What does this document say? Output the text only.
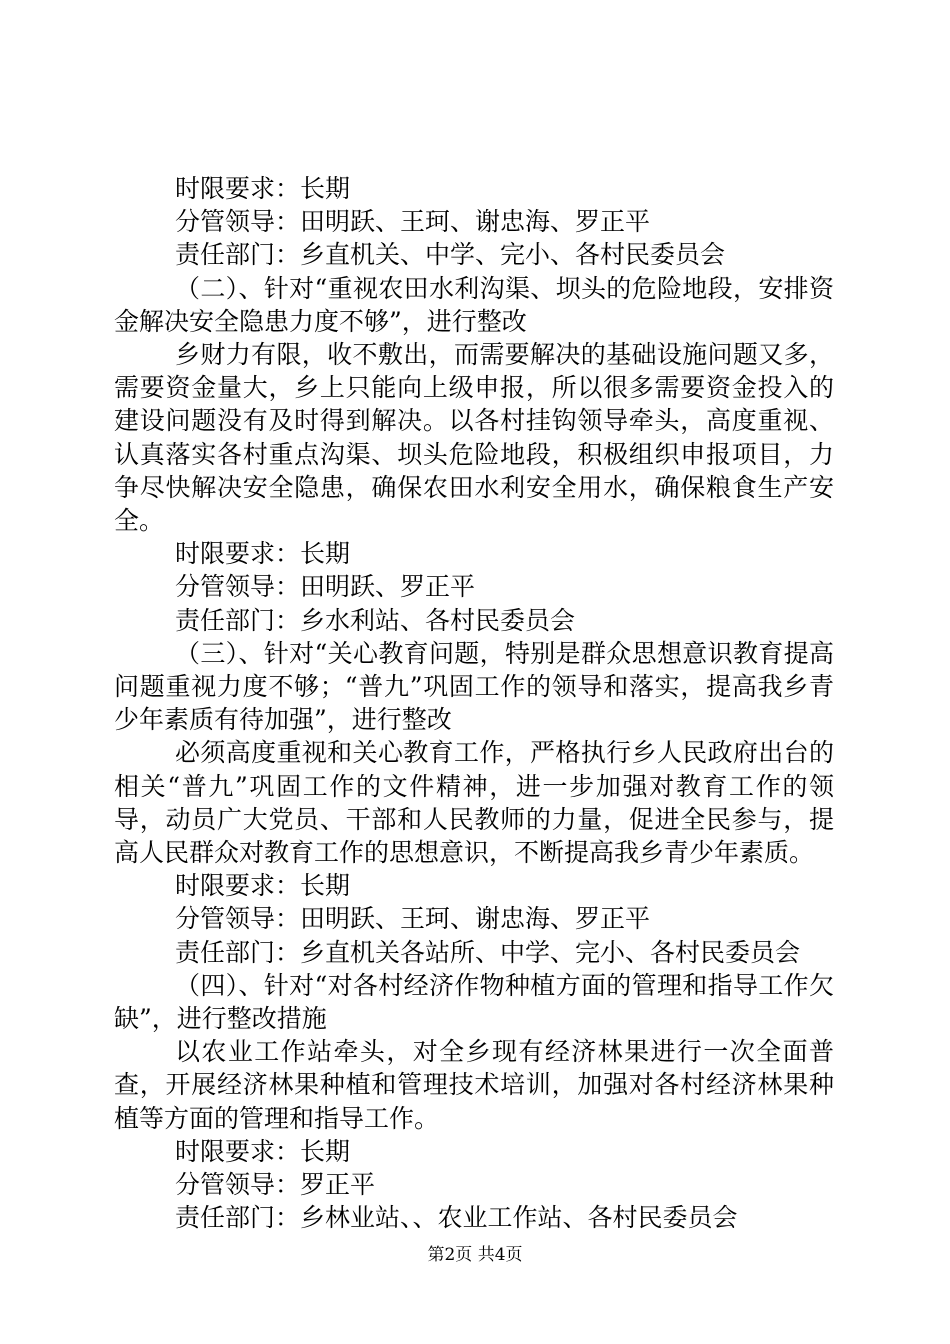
时限要求：长期

分管领导：田明跃、王珂、谢忠海、罗正平

责任部门：乡直机关、中学、完小、各村民委员会

（二）、针对“重视农田水利沟渠、坝头的危险地段，安排资金解决安全隐患力度不够”，进行整改

乡财力有限，收不敷出，而需要解决的基础设施问题又多，需要资金量大，乡上只能向上级申报，所以很多需要资金投入的建设问题没有及时得到解决。以各村挂钩领导牵头，高度重视、认真落实各村重点沟渠、坝头危险地段，积极组织申报项目，力争尽快解决安全隐患，确保农田水利安全用水，确保粮食生产安全。

时限要求：长期

分管领导：田明跃、罗正平

责任部门：乡水利站、各村民委员会

（三）、针对“关心教育问题，特别是群众思想意识教育提高问题重视力度不够；“普九”巩固工作的领导和落实，提高我乡青少年素质有待加强”，进行整改

必须高度重视和关心教育工作，严格执行乡人民政府出台的相关“普九”巩固工作的文件精神，进一步加强对教育工作的领导，动员广大党员、干部和人民教师的力量，促进全民参与，提高人民群众对教育工作的思想意识，不断提高我乡青少年素质。

时限要求：长期

分管领导：田明跃、王珂、谢忠海、罗正平

责任部门：乡直机关各站所、中学、完小、各村民委员会

（四）、针对“对各村经济作物种植方面的管理和指导工作欠缺”，进行整改措施

以农业工作站牵头，对全乡现有经济林果进行一次全面普查，开展经济林果种植和管理技术培训，加强对各村经济林果种植等方面的管理和指导工作。

时限要求：长期

分管领导：罗正平

责任部门：乡林业站、、农业工作站、各村民委员会

第2页 共4页
